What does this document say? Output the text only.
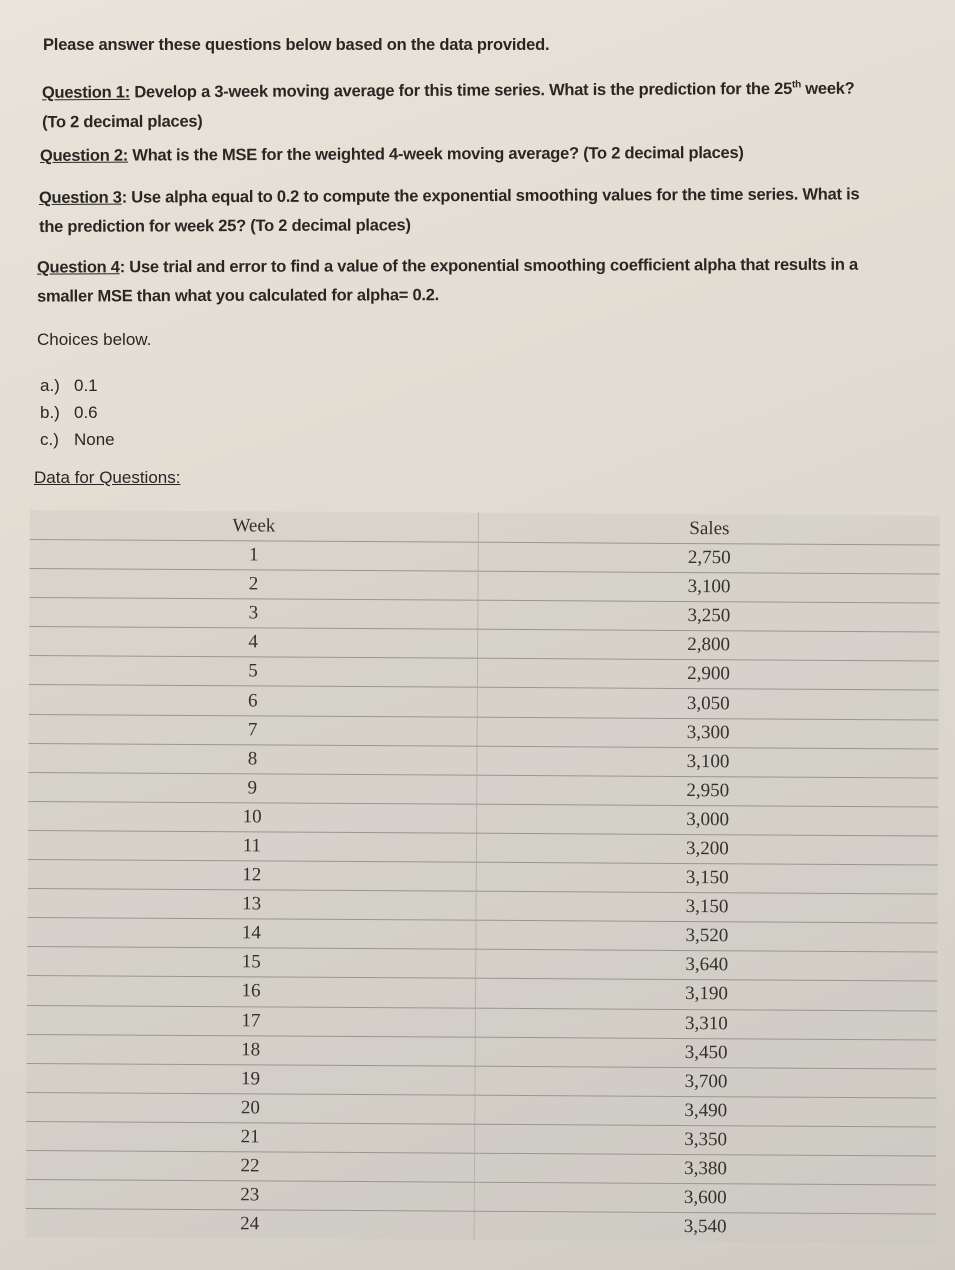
Please answer these questions below based on the data provided.
Question 1: Develop a 3-week moving average for this time series. What is the prediction for the 25th week?
(To 2 decimal places)
Question 2: What is the MSE for the weighted 4-week moving average? (To 2 decimal places)
Question 3: Use alpha equal to 0.2 to compute the exponential smoothing values for the time series. What is
the prediction for week 25? (To 2 decimal places)
Question 4: Use trial and error to find a value of the exponential smoothing coefficient alpha that results in a
smaller MSE than what you calculated for alpha= 0.2.
Choices below.
a.) 0.1
b.) 0.6
c.) None
Data for Questions:
Week	Sales
1	2,750
2	3,100
3	3,250
4	2,800
5	2,900
6	3,050
7	3,300
8	3,100
9	2,950
10	3,000
11	3,200
12	3,150
13	3,150
14	3,520
15	3,640
16	3,190
17	3,310
18	3,450
19	3,700
20	3,490
21	3,350
22	3,380
23	3,600
24	3,540
